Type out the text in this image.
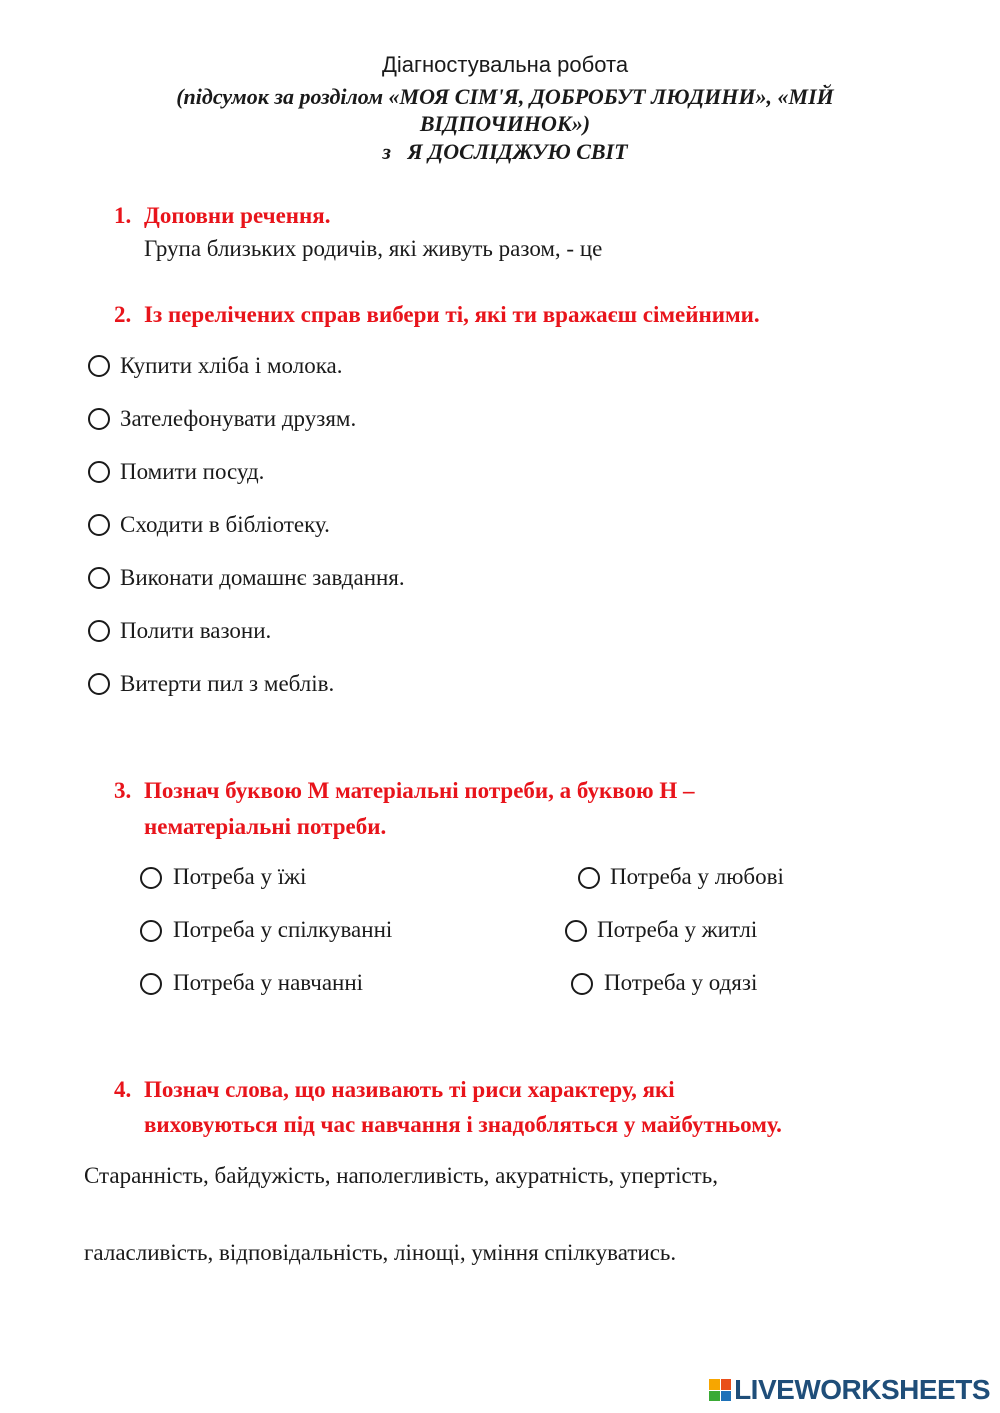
Діагностувальна робота
(підсумок за розділом «МОЯ СІМ'Я, ДОБРОБУТ ЛЮДИНИ», «МІЙ
ВІДПОЧИНОК»)
з Я ДОСЛІДЖУЮ СВІТ
1. Доповни речення.
Група близьких родичів, які живуть разом, - це
2. Із перелічених справ вибери ті, які ти вражаєш сімейними.
Купити хліба і молока.
Зателефонувати друзям.
Помити посуд.
Сходити в бібліотеку.
Виконати домашнє завдання.
Полити вазони.
Витерти пил з меблів.
3. Познач буквою М матеріальні потреби, а буквою Н –
нематеріальні потреби.
Потреба у їжі
Потреба у спілкуванні
Потреба у навчанні
Потреба у любові
Потреба у житлі
Потреба у одязі
4. Познач слова, що називають ті риси характеру, які
виховуються під час навчання і знадобляться у майбутньому.
Старанність, байдужість, наполегливість, акуратність, упертість,
галасливість, відповідальність, лінощі, уміння спілкуватись.
LIVEWORKSHEETS
